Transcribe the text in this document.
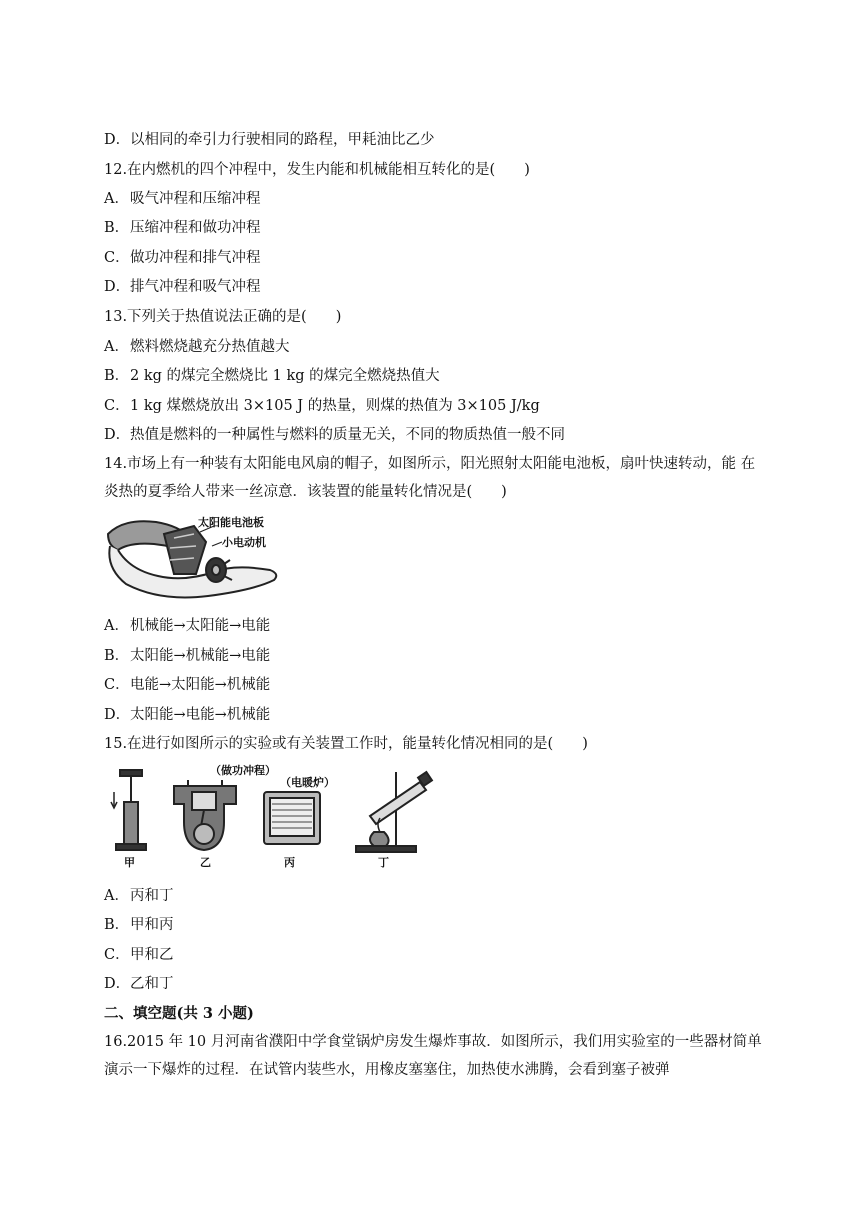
D．以相同的牵引力行驶相同的路程，甲耗油比乙少
12.在内燃机的四个冲程中，发生内能和机械能相互转化的是(　　)
A．吸气冲程和压缩冲程
B．压缩冲程和做功冲程
C．做功冲程和排气冲程
D．排气冲程和吸气冲程
13.下列关于热值说法正确的是(　　)
A．燃料燃烧越充分热值越大
B．2 kg 的煤完全燃烧比 1 kg 的煤完全燃烧热值大
C．1 kg 煤燃烧放出 3×105 J 的热量，则煤的热值为 3×105 J/kg
D．热值是燃料的一种属性与燃料的质量无关，不同的物质热值一般不同
14.市场上有一种装有太阳能电风扇的帽子，如图所示，阳光照射太阳能电池板，扇叶快速转动，能 在炎热的夏季给人带来一丝凉意．该装置的能量转化情况是(　　)
太阳能电池板
小电动机
A．机械能→太阳能→电能
B．太阳能→机械能→电能
C．电能→太阳能→机械能
D．太阳能→电能→机械能
15.在进行如图所示的实验或有关装置工作时，能量转化情况相同的是(　　)
甲	乙
（做功冲程）
丙
（电暖炉）
丁
A．丙和丁
B．甲和丙
C．甲和乙
D．乙和丁
二、填空题(共 3 小题)
16.2015 年 10 月河南省濮阳中学食堂锅炉房发生爆炸事故．如图所示，我们用实验室的一些器材简单演示一下爆炸的过程．在试管内装些水，用橡皮塞塞住，加热使水沸腾，会看到塞子被弹
